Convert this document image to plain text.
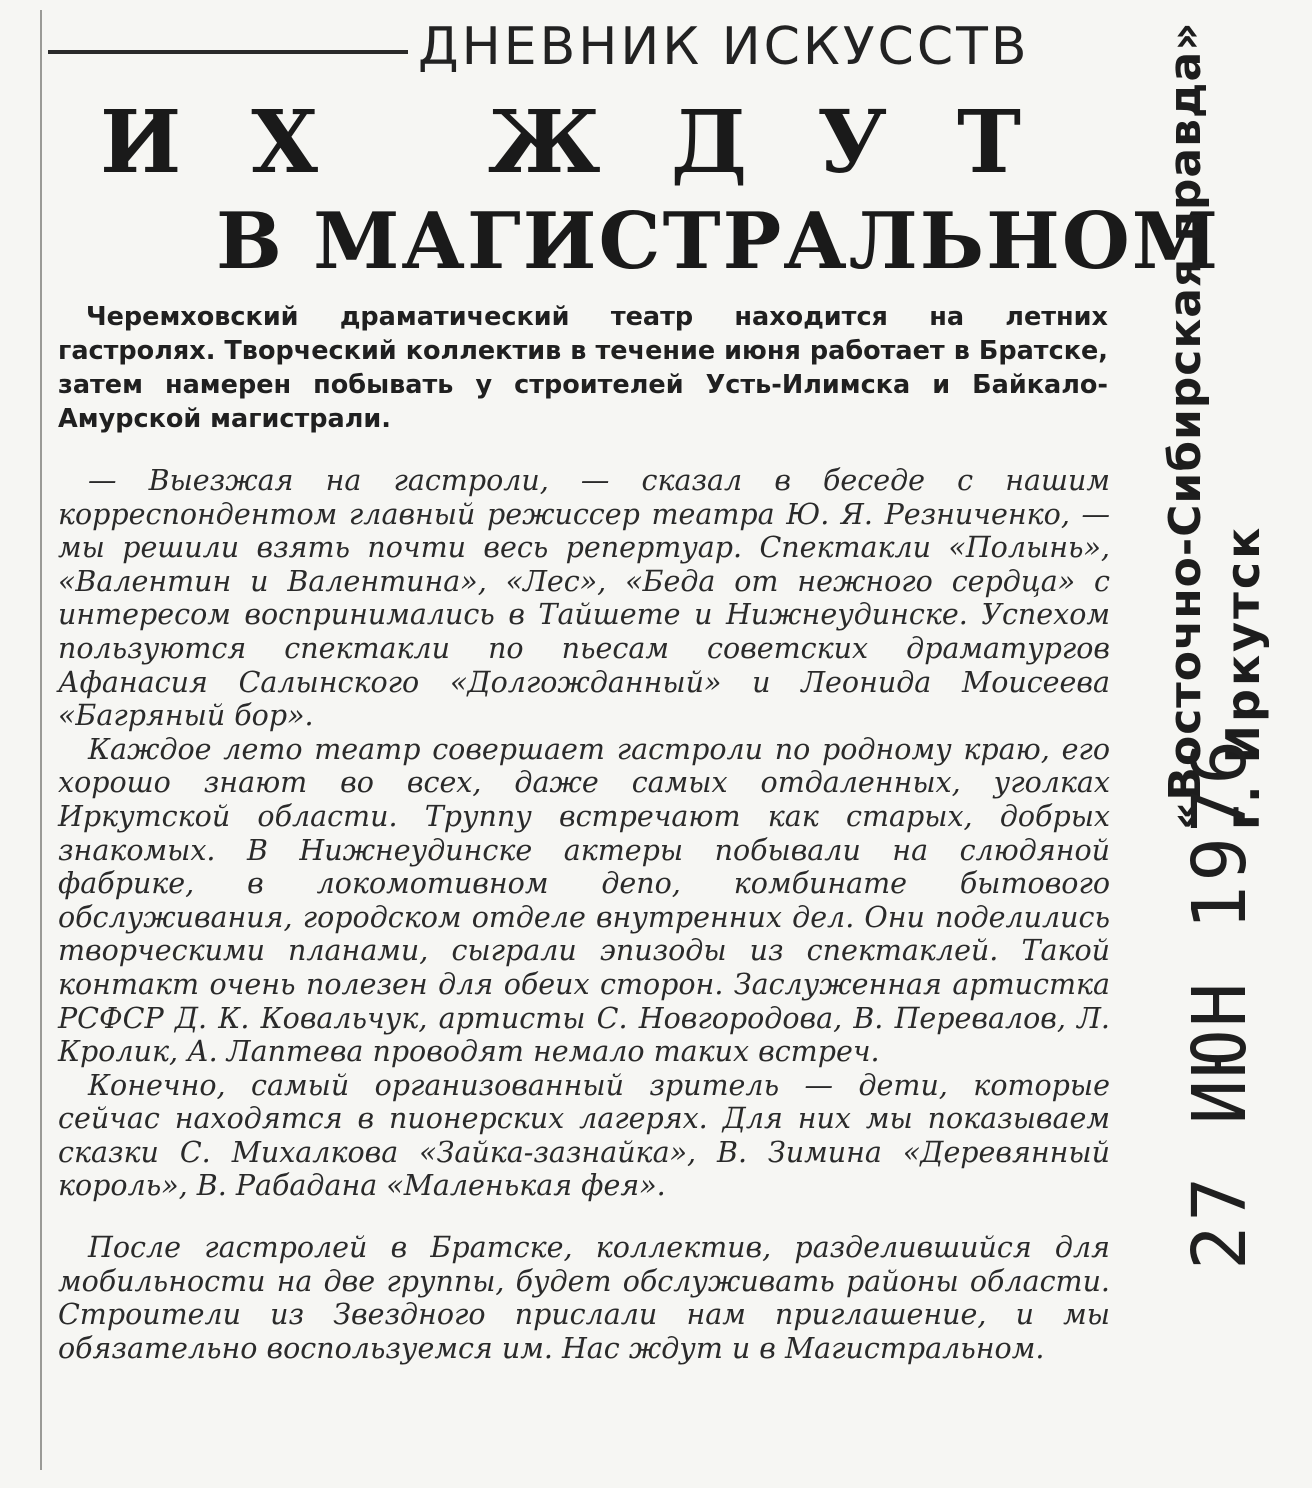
ДНЕВНИК ИСКУССТВ
ИХ ЖДУТ
В МАГИСТРАЛЬНОМ
Черемховский драматический театр находится на летних гастролях. Творческий коллектив в течение июня работает в Братске, затем намерен побывать у строителей Усть-Илимска и Байкало-Амурской магистрали.

— Выезжая на гастроли, — сказал в беседе с нашим корреспондентом главный режиссер театра Ю. Я. Резниченко, — мы решили взять почти весь репертуар. Спектакли «Полынь», «Валентин и Валентина», «Лес», «Беда от нежного сердца» с интересом воспринимались в Тайшете и Нижнеудинске. Успехом пользуются спектакли по пьесам советских драматургов Афанасия Салынского «Долгожданный» и Леонида Моисеева «Багряный бор».

Каждое лето театр совершает гастроли по родному краю, его хорошо знают во всех, даже самых отдаленных, уголках Иркутской области. Труппу встречают как старых, добрых знакомых. В Нижнеудинске актеры побывали на слюдяной фабрике, в локомотивном депо, комбинате бытового обслуживания, городском отделе внутренних дел. Они поделились творческими планами, сыграли эпизоды из спектаклей. Такой контакт очень полезен для обеих сторон. Заслуженная артистка РСФСР Д. К. Ковальчук, артисты С. Новгородова, В. Перевалов, Л. Кролик, А. Лаптева проводят немало таких встреч.

Конечно, самый организованный зритель — дети, которые сейчас находятся в пионерских лагерях. Для них мы показываем сказки С. Михалкова «Зайка-зазнайка», В. Зимина «Деревянный король», В. Рабадана «Маленькая фея».

После гастролей в Братске, коллектив, разделившийся для мобильности на две группы, будет обслуживать районы области. Строители из Звездного прислали нам приглашение, и мы обязательно воспользуемся им. Нас ждут и в Магистральном.

«Восточно-Сибирская правда» г. Иркутск
27 ИЮН 1976
